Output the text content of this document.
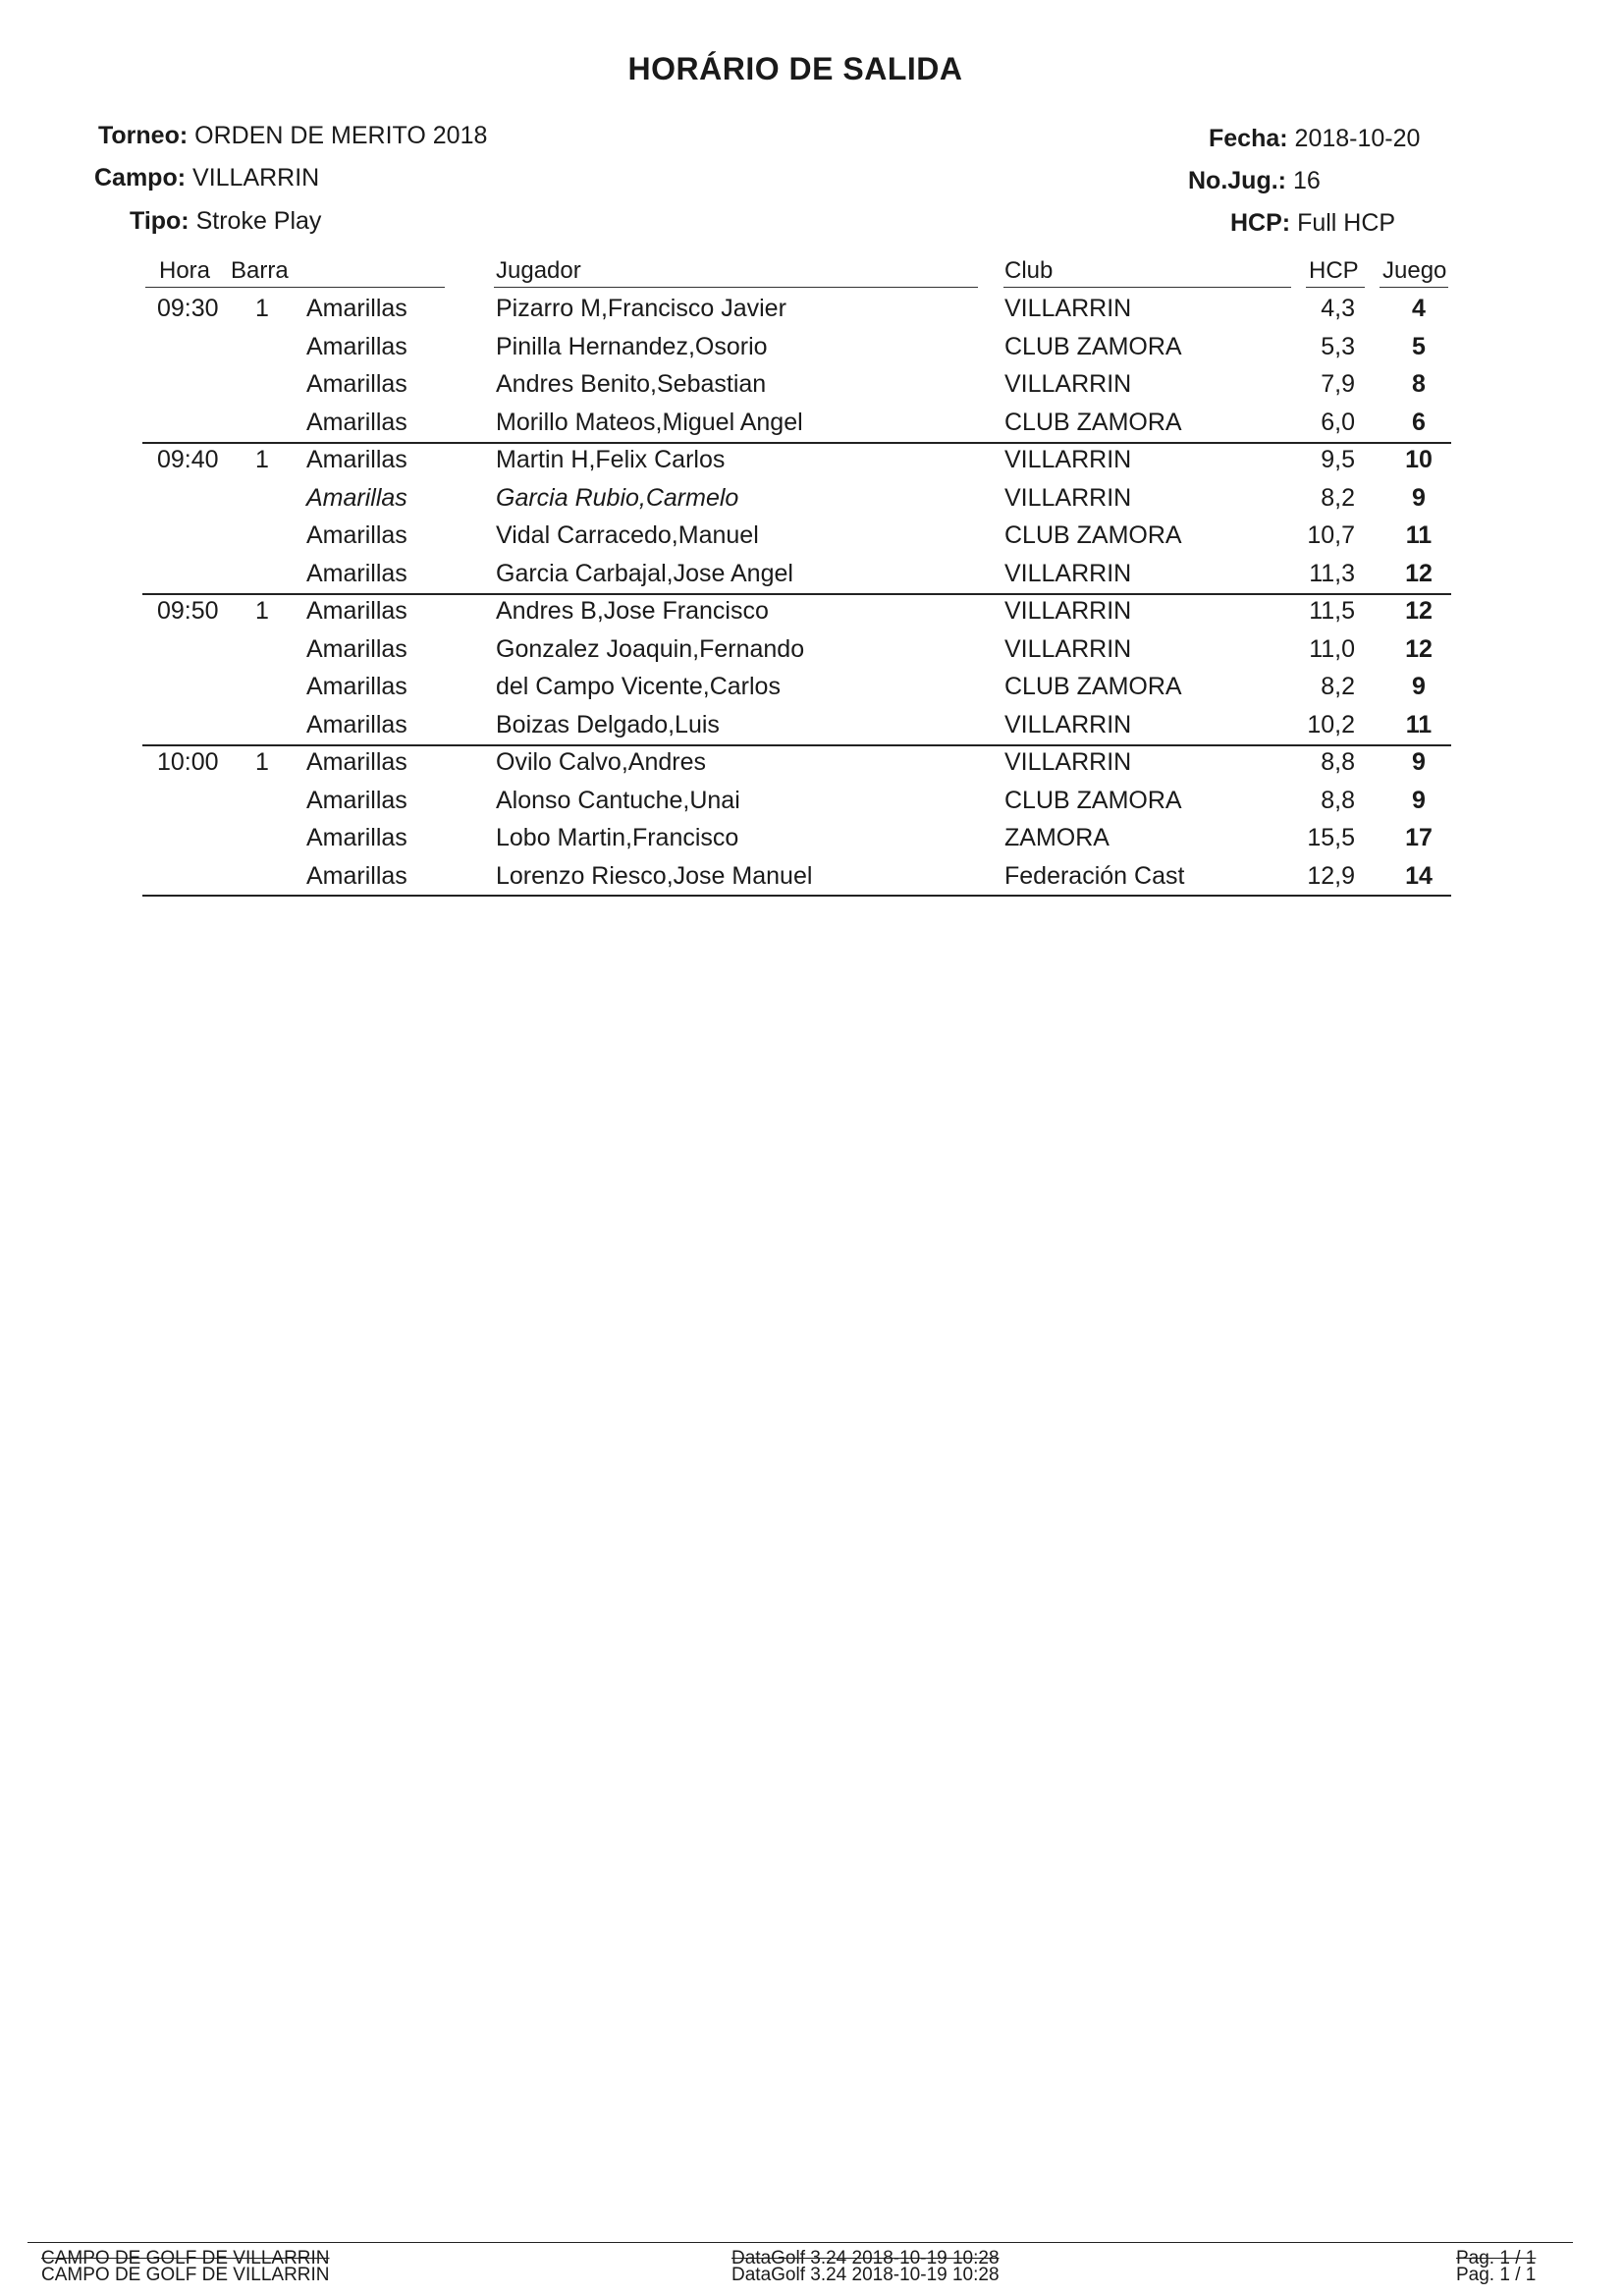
HORÁRIO DE SALIDA
Torneo: ORDEN DE MERITO 2018
Campo: VILLARRIN
Tipo: Stroke Play
Fecha: 2018-10-20
No.Jug.: 16
HCP: Full HCP
Hora Barra	Jugador	Club	HCP Juego
09:30 1 Amarillas	Pizarro M,Francisco Javier	VILLARRIN	4,3	4
Amarillas	Pinilla Hernandez,Osorio	CLUB ZAMORA	5,3	5
Amarillas	Andres Benito,Sebastian	VILLARRIN	7,9	8
Amarillas	Morillo Mateos,Miguel Angel	CLUB ZAMORA	6,0	6
09:40 1 Amarillas	Martin H,Felix Carlos	VILLARRIN	9,5	10
Amarillas	Garcia Rubio,Carmelo	VILLARRIN	8,2	9
Amarillas	Vidal Carracedo,Manuel	CLUB ZAMORA	10,7	11
Amarillas	Garcia Carbajal,Jose Angel	VILLARRIN	11,3	12
09:50 1 Amarillas	Andres B,Jose Francisco	VILLARRIN	11,5	12
Amarillas	Gonzalez Joaquin,Fernando	VILLARRIN	11,0	12
Amarillas	del Campo Vicente,Carlos	CLUB ZAMORA	8,2	9
Amarillas	Boizas Delgado,Luis	VILLARRIN	10,2	11
10:00 1 Amarillas	Ovilo Calvo,Andres	VILLARRIN	8,8	9
Amarillas	Alonso Cantuche,Unai	CLUB ZAMORA	8,8	9
Amarillas	Lobo Martin,Francisco	ZAMORA	15,5	17
Amarillas	Lorenzo Riesco,Jose Manuel	Federación Cast	12,9	14
CAMPO DE GOLF DE VILLARRIN
CAMPO DE GOLF DE VILLARRIN
DataGolf 3.24 2018-10-19 10:28
DataGolf 3.24 2018-10-19 10:28
Pag. 1 / 1
Pag. 1 / 1
